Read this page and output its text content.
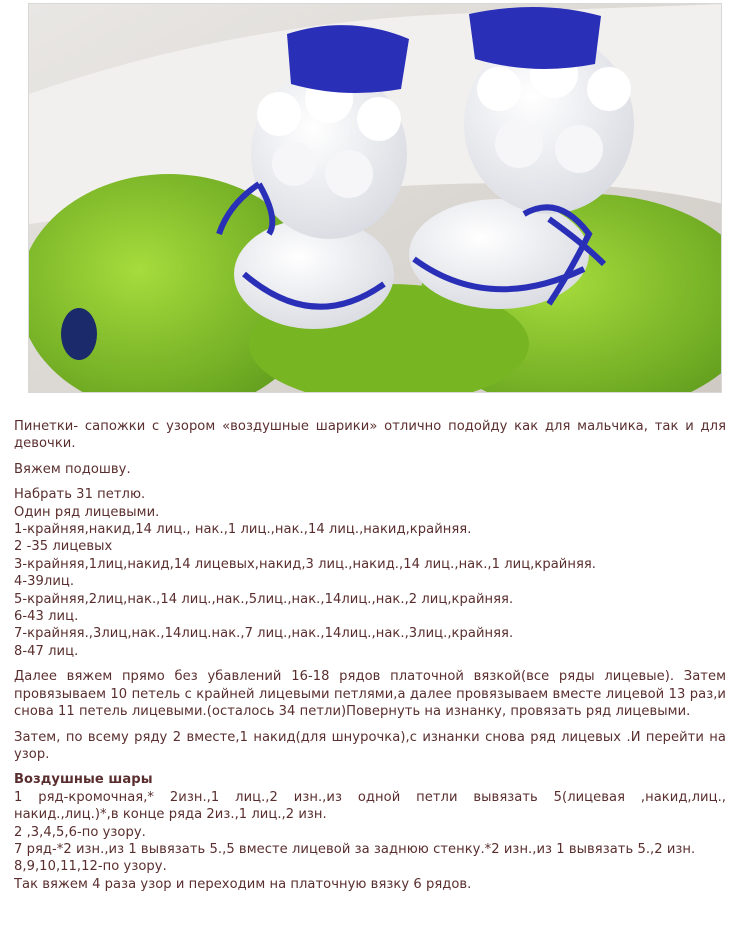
Пинетки- сапожки с узором «воздушные шарики» отлично подойду как для мальчика, так и для девочки.

Вяжем подошву.

Набрать 31 петлю.
Один ряд лицевыми.
1-крайняя,накид,14 лиц., нак.,1 лиц.,нак.,14 лиц.,накид,крайняя.
2 -35 лицевых
3-крайняя,1лиц,накид,14 лицевых,накид,3 лиц.,накид.,14 лиц.,нак.,1 лиц,крайняя.
4-39лиц.
5-крайняя,2лиц,нак.,14 лиц.,нак.,5лиц.,нак.,14лиц.,нак.,2 лиц,крайняя.
6-43 лиц.
7-крайняя.,3лиц,нак.,14лиц.нак.,7 лиц.,нак.,14лиц.,нак.,3лиц.,крайняя.
8-47 лиц.

Далее вяжем прямо без убавлений 16-18 рядов платочной вязкой(все ряды лицевые). Затем провязываем 10 петель с крайней лицевыми петлями,а далее провязываем вместе лицевой 13 раз,и снова 11 петель лицевыми.(осталось 34 петли)Повернуть на изнанку, провязать ряд лицевыми.

Затем, по всему ряду 2 вместе,1 накид(для шнурочка),с изнанки снова ряд лицевых .И перейти на узор.

Воздушные шары

1 ряд-кромочная,* 2изн.,1 лиц.,2 изн.,из одной петли вывязать 5(лицевая ,накид,лиц., накид.,лиц.)*,в конце ряда 2из.,1 лиц.,2 изн.

2 ,3,4,5,6-по узору.

7 ряд-*2 изн.,из 1 вывязать 5.,5 вместе лицевой за заднюю стенку.*2 изн.,из 1 вывязать 5.,2 изн.

8,9,10,11,12-по узору.

Так вяжем 4 раза узор и переходим на платочную вязку 6 рядов.
